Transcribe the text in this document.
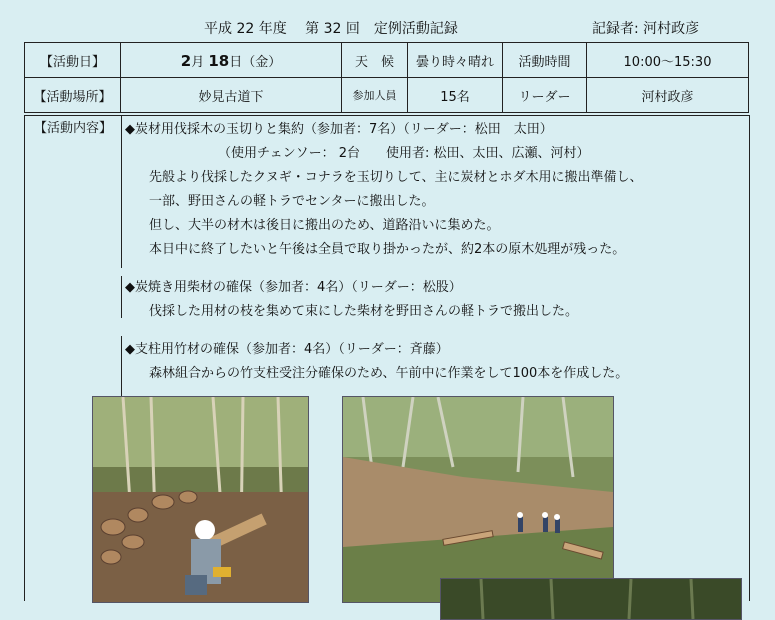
平成 22 年度　 第 32 回　定例活動記録	記録者: 河村政彦
【活動日】	2月 18日（金）	天　候	曇り時々晴れ	活動時間	10:00〜15:30
【活動場所】	妙見古道下	参加人員	15名	リーダー	河村政彦
【活動内容】	◆炭材用伐採木の玉切りと集約（参加者：7名）（リーダー：松田　太田）
（使用チェンソー： 2台　　使用者: 松田、太田、広瀬、河村）
先般より伐採したクヌギ・コナラを玉切りして、主に炭材とホダ木用に搬出準備し、
一部、野田さんの軽トラでセンターに搬出した。
但し、大半の材木は後日に搬出のため、道路沿いに集めた。
本日中に終了したいと午後は全員で取り掛かったが、約2本の原木処理が残った。
◆炭焼き用柴材の確保（参加者：4名）（リーダー：松股）
伐採した用材の枝を集めて束にした柴材を野田さんの軽トラで搬出した。
◆支柱用竹材の確保（参加者：4名）（リーダー：斉藤）
森林組合からの竹支柱受注分確保のため、午前中に作業をして100本を作成した。
